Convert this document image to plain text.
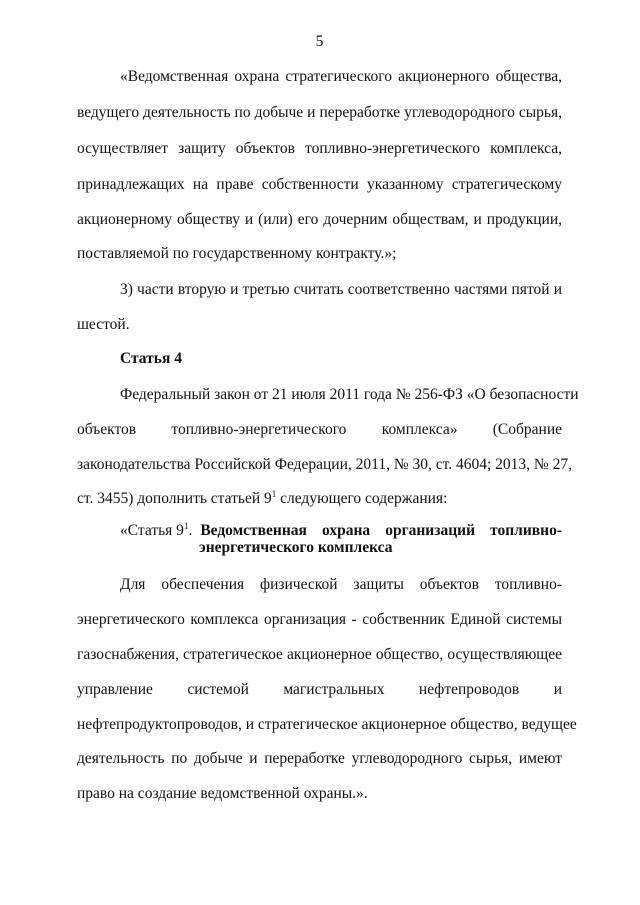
5
«Ведомственная охрана стратегического акционерного общества,
ведущего деятельность по добыче и переработке углеводородного сырья,
осуществляет защиту объектов топливно-энергетического комплекса,
принадлежащих на праве собственности указанному стратегическому
акционерному обществу и (или) его дочерним обществам, и продукции,
поставляемой по государственному контракту.»;
3) части вторую и третью считать соответственно частями пятой и
шестой.
Статья 4
Федеральный закон от 21 июля 2011 года № 256-ФЗ «О безопасности
объектов топливно-энергетического комплекса» (Собрание
законодательства Российской Федерации, 2011, № 30, ст. 4604; 2013, № 27,
ст. 3455) дополнить статьей $9^1$ следующего содержания:
«Статья $9^1$. Ведомственная охрана организаций топливно-
энергетического комплекса
Для обеспечения физической защиты объектов топливно-
энергетического комплекса организация - собственник Единой системы
газоснабжения, стратегическое акционерное общество, осуществляющее
управление системой магистральных нефтепроводов и
нефтепродуктопроводов, и стратегическое акционерное общество, ведущее
деятельность по добыче и переработке углеводородного сырья, имеют
право на создание ведомственной охраны.».
